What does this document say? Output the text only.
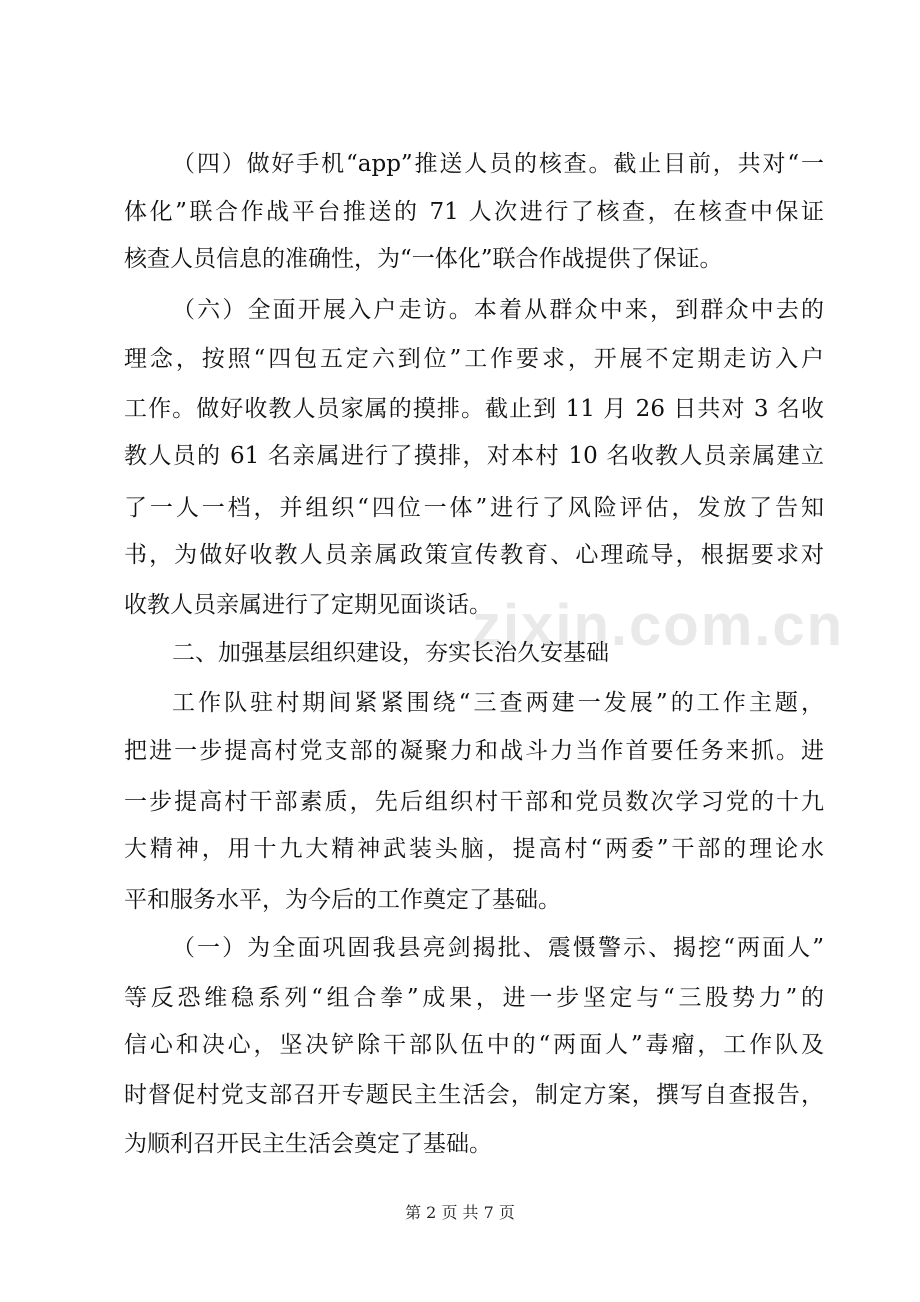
zixin.com.cn
（四）做好手机“app”推送人员的核查。截止目前，共对“一
体化”联合作战平台推送的 71 人次进行了核查，在核查中保证
核查人员信息的准确性，为“一体化”联合作战提供了保证。
（六）全面开展入户走访。本着从群众中来，到群众中去的
理念，按照“四包五定六到位”工作要求，开展不定期走访入户
工作。做好收教人员家属的摸排。截止到 11 月 26 日共对 3 名收
教人员的 61 名亲属进行了摸排，对本村 10 名收教人员亲属建立
了一人一档，并组织“四位一体”进行了风险评估，发放了告知
书，为做好收教人员亲属政策宣传教育、心理疏导，根据要求对
收教人员亲属进行了定期见面谈话。
二、加强基层组织建设，夯实长治久安基础
工作队驻村期间紧紧围绕“三查两建一发展”的工作主题，
把进一步提高村党支部的凝聚力和战斗力当作首要任务来抓。进
一步提高村干部素质，先后组织村干部和党员数次学习党的十九
大精神，用十九大精神武装头脑，提高村“两委”干部的理论水
平和服务水平，为今后的工作奠定了基础。
（一）为全面巩固我县亮剑揭批、震慑警示、揭挖“两面人”
等反恐维稳系列“组合拳”成果，进一步坚定与“三股势力”的
信心和决心，坚决铲除干部队伍中的“两面人”毒瘤，工作队及
时督促村党支部召开专题民主生活会，制定方案，撰写自查报告，
为顺利召开民主生活会奠定了基础。
第 2 页 共 7 页
